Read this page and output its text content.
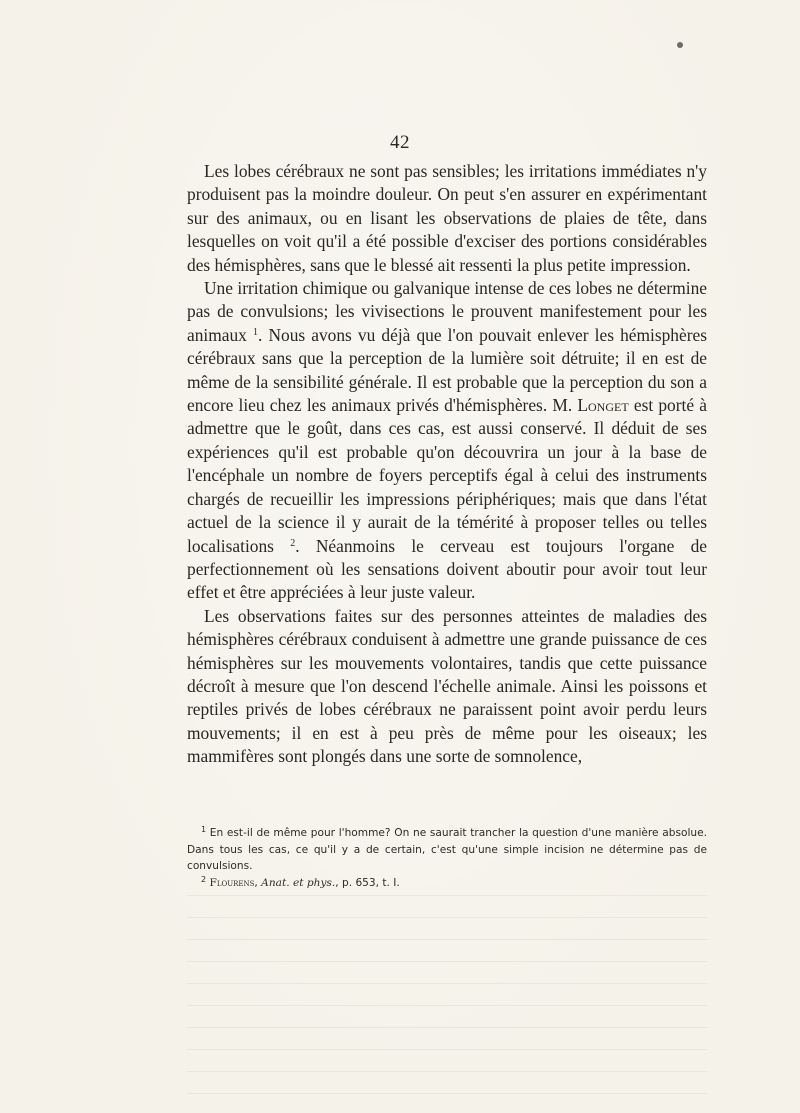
42

Les lobes cérébraux ne sont pas sensibles; les irritations immédiates n'y produisent pas la moindre douleur. On peut s'en assurer en expérimentant sur des animaux, ou en lisant les observations de plaies de tête, dans lesquelles on voit qu'il a été possible d'exciser des portions considérables des hémisphères, sans que le blessé ait ressenti la plus petite impression.

Une irritation chimique ou galvanique intense de ces lobes ne détermine pas de convulsions; les vivisections le prouvent manifestement pour les animaux $^1$. Nous avons vu déjà que l'on pouvait enlever les hémisphères cérébraux sans que la perception de la lumière soit détruite; il en est de même de la sensibilité générale. Il est probable que la perception du son a encore lieu chez les animaux privés d'hémisphères. M. Longet est porté à admettre que le goût, dans ces cas, est aussi conservé. Il déduit de ses expériences qu'il est probable qu'on découvrira un jour à la base de l'encéphale un nombre de foyers perceptifs égal à celui des instruments chargés de recueillir les impressions périphériques; mais que dans l'état actuel de la science il y aurait de la témérité à proposer telles ou telles localisations $^2$. Néanmoins le cerveau est toujours l'organe de perfectionnement où les sensations doivent aboutir pour avoir tout leur effet et être appréciées à leur juste valeur.

Les observations faites sur des personnes atteintes de maladies des hémisphères cérébraux conduisent à admettre une grande puissance de ces hémisphères sur les mouvements volontaires, tandis que cette puissance décroît à mesure que l'on descend l'échelle animale. Ainsi les poissons et reptiles privés de lobes cérébraux ne paraissent point avoir perdu leurs mouvements; il en est à peu près de même pour les oiseaux; les mammifères sont plongés dans une sorte de somnolence,

$^1$ En est-il de même pour l'homme? On ne saurait trancher la question d'une manière absolue. Dans tous les cas, ce qu'il y a de certain, c'est qu'une simple incision ne détermine pas de convulsions.

$^2$ Flourens, Anat. et phys., p. 653, t. I.
